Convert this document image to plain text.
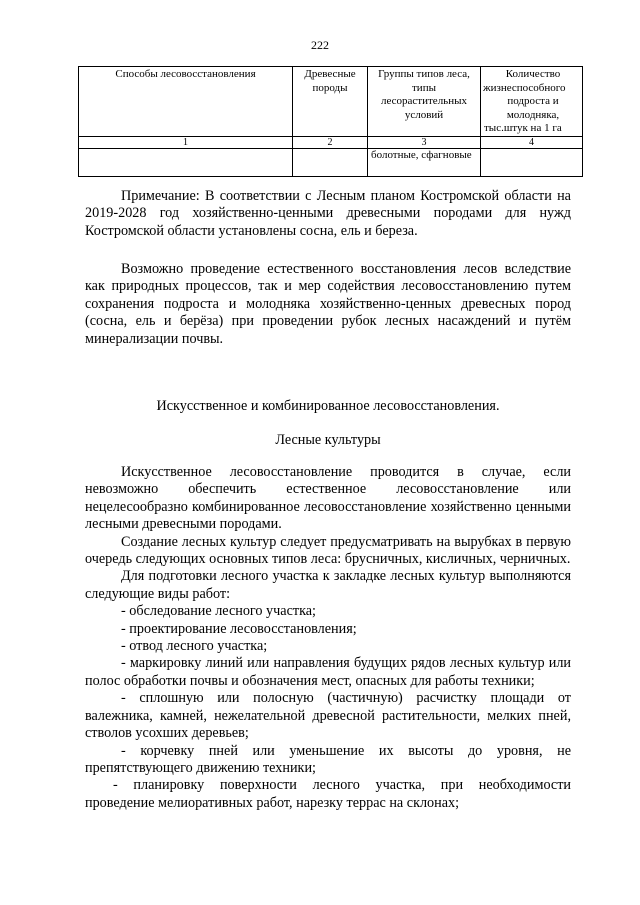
222
Способы лесовосстановления	Древесные породы	Группы типов леса, типы лесорастительных условий	Количество
жизнеспособного
подроста и
молодняка,
тыс.штук на 1 га

1	2	3	4
		болотные, сфагновые	

Примечание: В соответствии с Лесным планом Костромской области на 2019-2028 год хозяйственно-ценными древесными породами для нужд Костромской области установлены сосна, ель и береза.

Возможно проведение естественного восстановления лесов вследствие как природных процессов, так и мер содействия лесовосстановлению путем сохранения подроста и молодняка хозяйственно-ценных древесных пород (сосна, ель и берёза) при проведении рубок лесных насаждений и путём минерализации почвы.

Искусственное и комбинированное лесовосстановления.
Лесные культуры

Искусственное лесовосстановление проводится в случае, если невозможно обеспечить естественное лесовосстановление или нецелесообразно комбинированное лесовосстановление хозяйственно ценными лесными древесными породами.

Создание лесных культур следует предусматривать на вырубках в первую очередь следующих основных типов леса: брусничных, кисличных, черничных.

Для подготовки лесного участка к закладке лесных культур выполняются следующие виды работ:

- обследование лесного участка;

- проектирование лесовосстановления;

- отвод лесного участка;

- маркировку линий или направления будущих рядов лесных культур или полос обработки почвы и обозначения мест, опасных для работы техники;

- сплошную или полосную (частичную) расчистку площади от валежника, камней, нежелательной древесной растительности, мелких пней, стволов усохших деревьев;

- корчевку пней или уменьшение их высоты до уровня, не препятствующего движению техники;

- планировку поверхности лесного участка, при необходимости проведение мелиоративных работ, нарезку террас на склонах;
